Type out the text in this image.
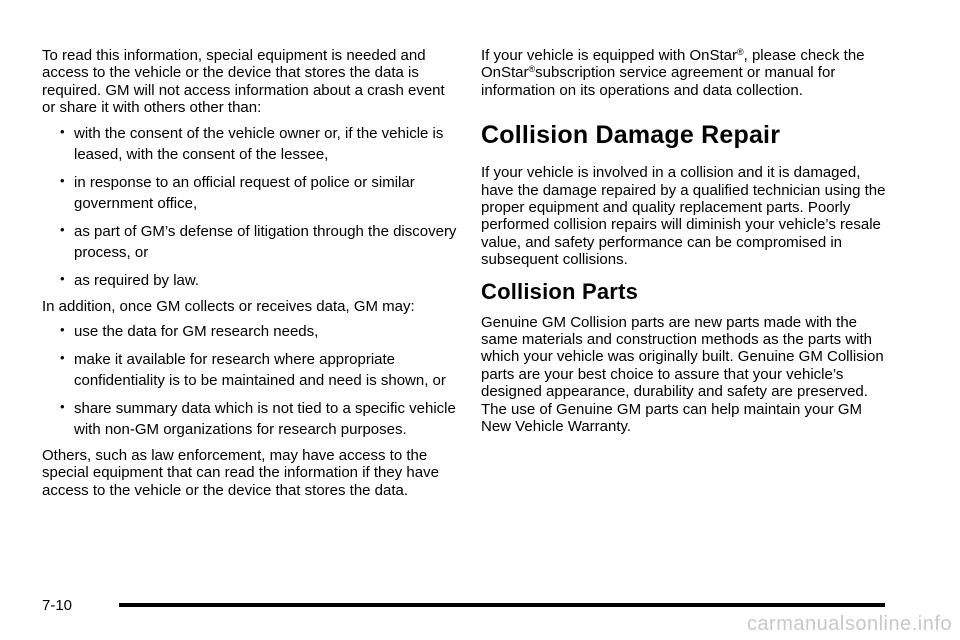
To read this information, special equipment is needed and access to the vehicle or the device that stores the data is required. GM will not access information about a crash event or share it with others other than:

• with the consent of the vehicle owner or, if the vehicle is leased, with the consent of the lessee,
• in response to an official request of police or similar government office,
• as part of GM’s defense of litigation through the discovery process, or
• as required by law.

In addition, once GM collects or receives data, GM may:

• use the data for GM research needs,
• make it available for research where appropriate confidentiality is to be maintained and need is shown, or
• share summary data which is not tied to a specific vehicle with non-GM organizations for research purposes.

Others, such as law enforcement, may have access to the special equipment that can read the information if they have access to the vehicle or the device that stores the data.

If your vehicle is equipped with OnStar®, please check the OnStar®subscription service agreement or manual for information on its operations and data collection.

Collision Damage Repair

If your vehicle is involved in a collision and it is damaged, have the damage repaired by a qualified technician using the proper equipment and quality replacement parts. Poorly performed collision repairs will diminish your vehicle’s resale value, and safety performance can be compromised in subsequent collisions.

Collision Parts

Genuine GM Collision parts are new parts made with the same materials and construction methods as the parts with which your vehicle was originally built. Genuine GM Collision parts are your best choice to assure that your vehicle’s designed appearance, durability and safety are preserved. The use of Genuine GM parts can help maintain your GM New Vehicle Warranty.

7-10
carmanualsonline.info
